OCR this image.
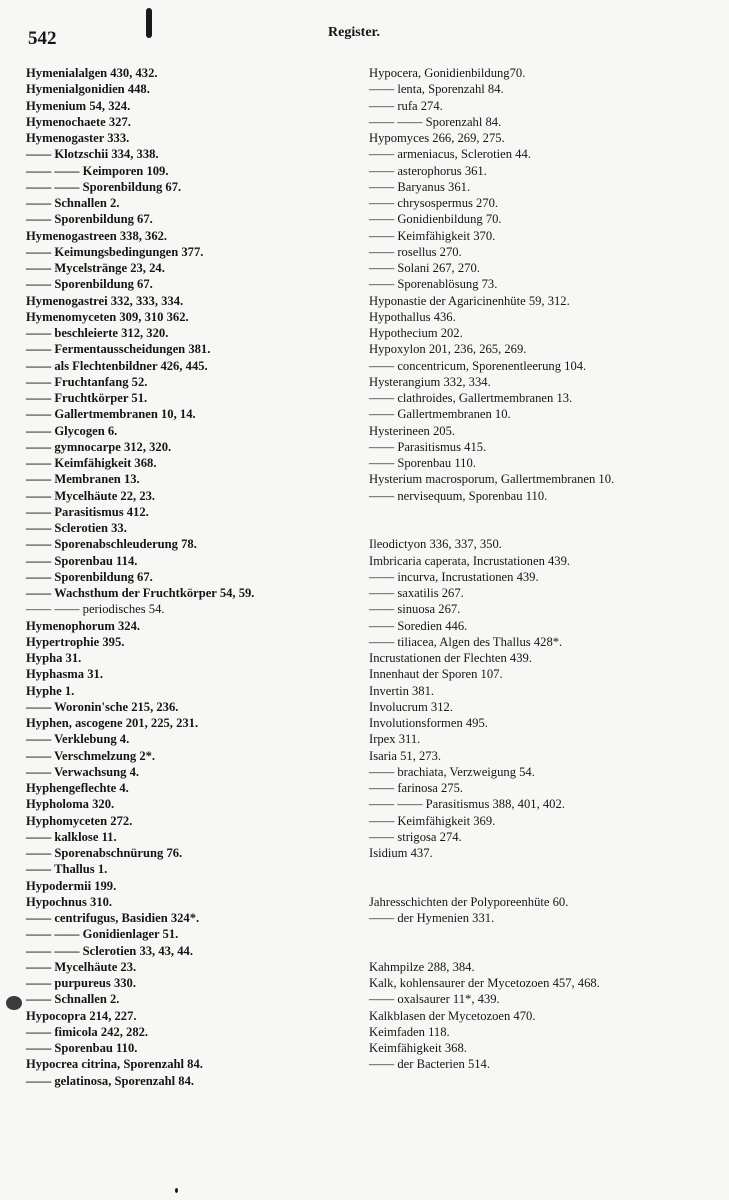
542	Register.
Hymenialalgen 430, 432.
Hymenialgonidien 448.
Hymenium 54, 324.
Hymenochaete 327.
Hymenogaster 333.
—— Klotzschii 334, 338.
—— —— Keimporen 109.
—— —— Sporenbildung 67.
—— Schnallen 2.
—— Sporenbildung 67.
Hymenogastreen 338, 362.
—— Keimungsbedingungen 377.
—— Mycelstränge 23, 24.
—— Sporenbildung 67.
Hymenogastrei 332, 333, 334.
Hymenomyceten 309, 310 362.
—— beschleierte 312, 320.
—— Fermentausscheidungen 381.
—— als Flechtenbildner 426, 445.
—— Fruchtanfang 52.
—— Fruchtkörper 51.
—— Gallertmembranen 10, 14.
—— Glycogen 6.
—— gymnocarpe 312, 320.
—— Keimfähigkeit 368.
—— Membranen 13.
—— Mycelhäute 22, 23.
—— Parasitismus 412.
—— Sclerotien 33.
—— Sporenabschleuderung 78.
—— Sporenbau 114.
—— Sporenbildung 67.
—— Wachsthum der Fruchtkörper 54, 59.
—— —— periodisches 54.
Hymenophorum 324.
Hypertrophie 395.
Hypha 31.
Hyphasma 31.
Hyphe 1.
—— Woronin'sche 215, 236.
Hyphen, ascogene 201, 225, 231.
—— Verklebung 4.
—— Verschmelzung 2*.
—— Verwachsung 4.
Hyphengeflechte 4.
Hypholoma 320.
Hyphomyceten 272.
—— kalklose 11.
—— Sporenabschnürung 76.
—— Thallus 1.
Hypodermii 199.
Hypochnus 310.
—— centrifugus, Basidien 324*.
—— —— Gonidienlager 51.
—— —— Sclerotien 33, 43, 44.
—— Mycelhäute 23.
—— purpureus 330.
—— Schnallen 2.
Hypocopra 214, 227.
—— fimicola 242, 282.
—— Sporenbau 110.
Hypocrea citrina, Sporenzahl 84.
—— gelatinosa, Sporenzahl 84.
Hypocera, Gonidienbildung70.
—— lenta, Sporenzahl 84.
—— rufa 274.
—— —— Sporenzahl 84.
Hypomyces 266, 269, 275.
—— armeniacus, Sclerotien 44.
—— asterophorus 361.
—— Baryanus 361.
—— chrysospermus 270.
—— Gonidienbildung 70.
—— Keimfähigkeit 370.
—— rosellus 270.
—— Solani 267, 270.
—— Sporenablösung 73.
Hyponastie der Agaricinenhüte 59, 312.
Hypothallus 436.
Hypothecium 202.
Hypoxylon 201, 236, 265, 269.
—— concentricum, Sporenentleerung 104.
Hysterangium 332, 334.
—— clathroides, Gallertmembranen 13.
—— Gallertmembranen 10.
Hysterineen 205.
—— Parasitismus 415.
—— Sporenbau 110.
Hysterium macrosporum, Gallertmembranen 10.
—— nervisequum, Sporenbau 110.
Ileodictyon 336, 337, 350.
Imbricaria caperata, Incrustationen 439.
—— incurva, Incrustationen 439.
—— saxatilis 267.
—— sinuosa 267.
—— Soredien 446.
—— tiliacea, Algen des Thallus 428*.
Incrustationen der Flechten 439.
Innenhaut der Sporen 107.
Invertin 381.
Involucrum 312.
Involutionsformen 495.
Irpex 311.
Isaria 51, 273.
—— brachiata, Verzweigung 54.
—— farinosa 275.
—— —— Parasitismus 388, 401, 402.
—— Keimfähigkeit 369.
—— strigosa 274.
Isidium 437.
Jahresschichten der Polyporeenhüte 60.
—— der Hymenien 331.
Kahmpilze 288, 384.
Kalk, kohlensaurer der Mycetozoen 457, 468.
—— oxalsaurer 11*, 439.
Kalkblasen der Mycetozoen 470.
Keimfaden 118.
Keimfähigkeit 368.
—— der Bacterien 514.
